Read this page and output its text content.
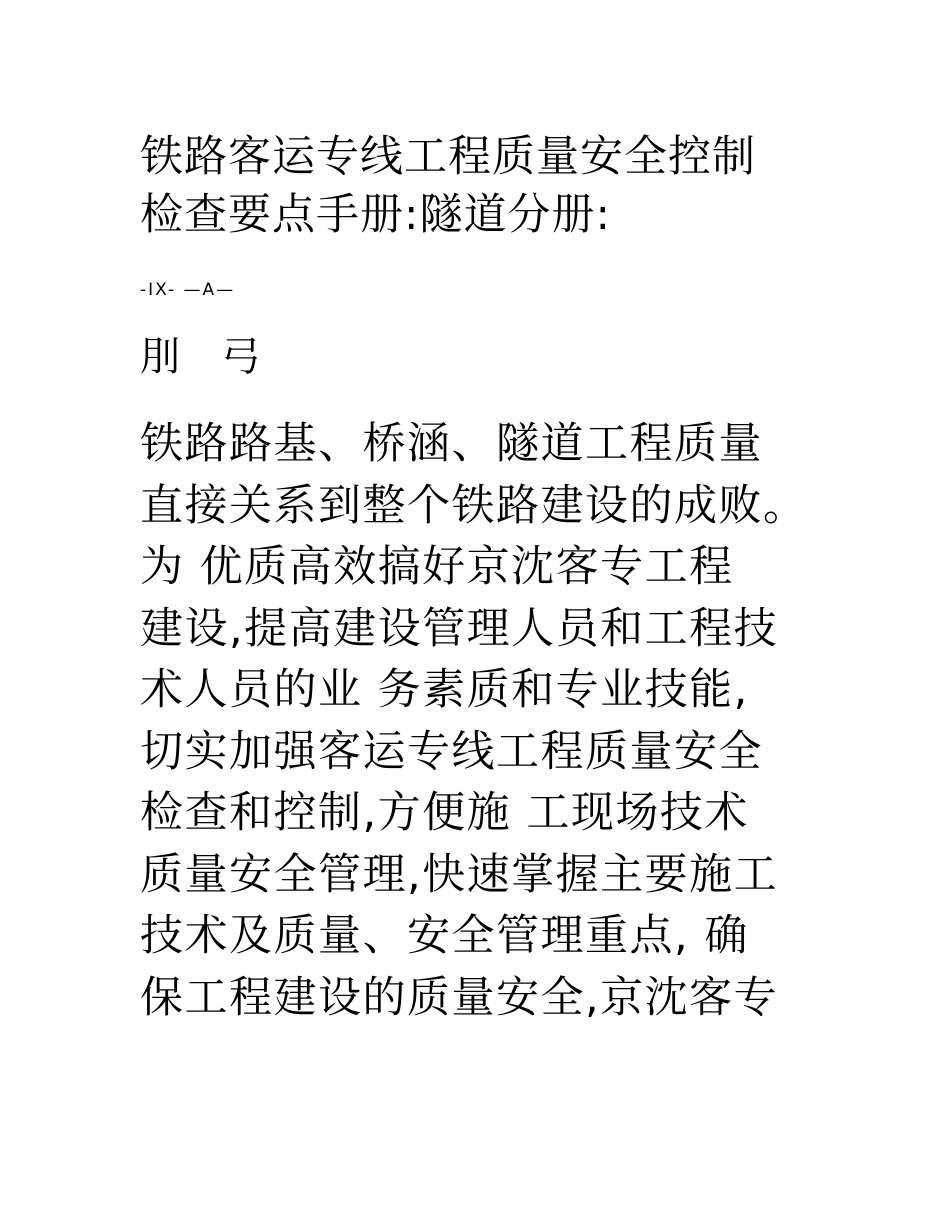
铁路客运专线工程质量安全控制
检查要点手册:隧道分册:
-IX- —A—
刖 弓
铁路路基、桥涵、隧道工程质量
直接关系到整个铁路建设的成败。
为 优质高效搞好京沈客专工程
建设,提高建设管理人员和工程技
术人员的业 务素质和专业技能,
切实加强客运专线工程质量安全
检查和控制,方便施 工现场技术
质量安全管理,快速掌握主要施工
技术及质量、安全管理重点, 确
保工程建设的质量安全,京沈客专
